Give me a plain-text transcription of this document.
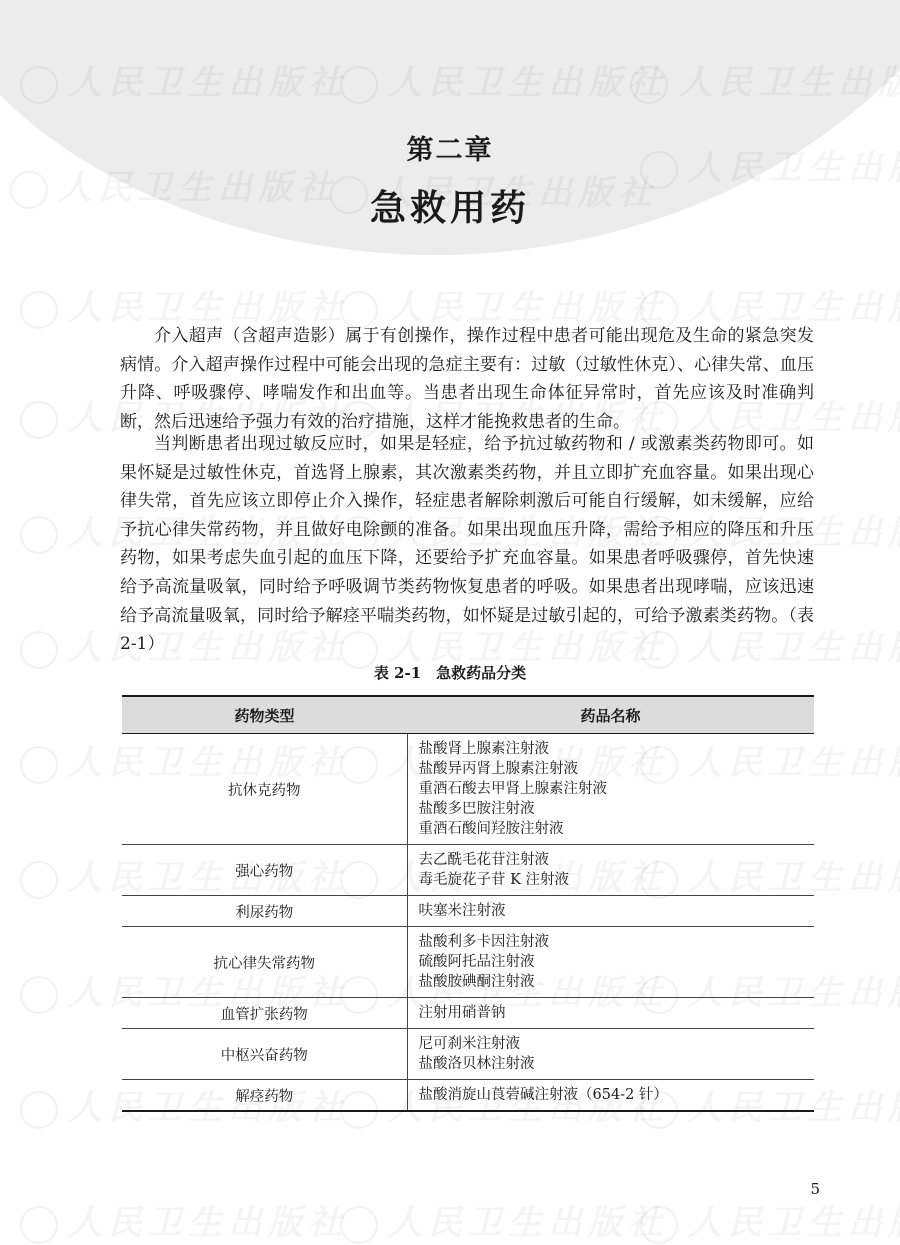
第二章
急救用药

介入超声（含超声造影）属于有创操作，操作过程中患者可能出现危及生命的紧急突发病情。介入超声操作过程中可能会出现的急症主要有：过敏（过敏性休克）、心律失常、血压升降、呼吸骤停、哮喘发作和出血等。当患者出现生命体征异常时，首先应该及时准确判断，然后迅速给予强力有效的治疗措施，这样才能挽救患者的生命。

当判断患者出现过敏反应时，如果是轻症，给予抗过敏药物和 / 或激素类药物即可。如果怀疑是过敏性休克，首选肾上腺素，其次激素类药物，并且立即扩充血容量。如果出现心律失常，首先应该立即停止介入操作，轻症患者解除刺激后可能自行缓解，如未缓解，应给予抗心律失常药物，并且做好电除颤的准备。如果出现血压升降，需给予相应的降压和升压药物，如果考虑失血引起的血压下降，还要给予扩充血容量。如果患者呼吸骤停，首先快速给予高流量吸氧，同时给予呼吸调节类药物恢复患者的呼吸。如果患者出现哮喘，应该迅速给予高流量吸氧，同时给予解痉平喘类药物，如怀疑是过敏引起的，可给予激素类药物。（表 2-1）

表 2-1　急救药品分类
药物类型	药品名称
抗休克药物	盐酸肾上腺素注射液
盐酸异丙肾上腺素注射液
重酒石酸去甲肾上腺素注射液
盐酸多巴胺注射液
重酒石酸间羟胺注射液

强心药物	去乙酰毛花苷注射液
毒毛旋花子苷 K 注射液

利尿药物	呋塞米注射液

抗心律失常药物	盐酸利多卡因注射液
硫酸阿托品注射液
盐酸胺碘酮注射液

血管扩张药物	注射用硝普钠

中枢兴奋药物	尼可刹米注射液
盐酸洛贝林注射液

解痉药物	盐酸消旋山莨菪碱注射液（654-2 针）
5
